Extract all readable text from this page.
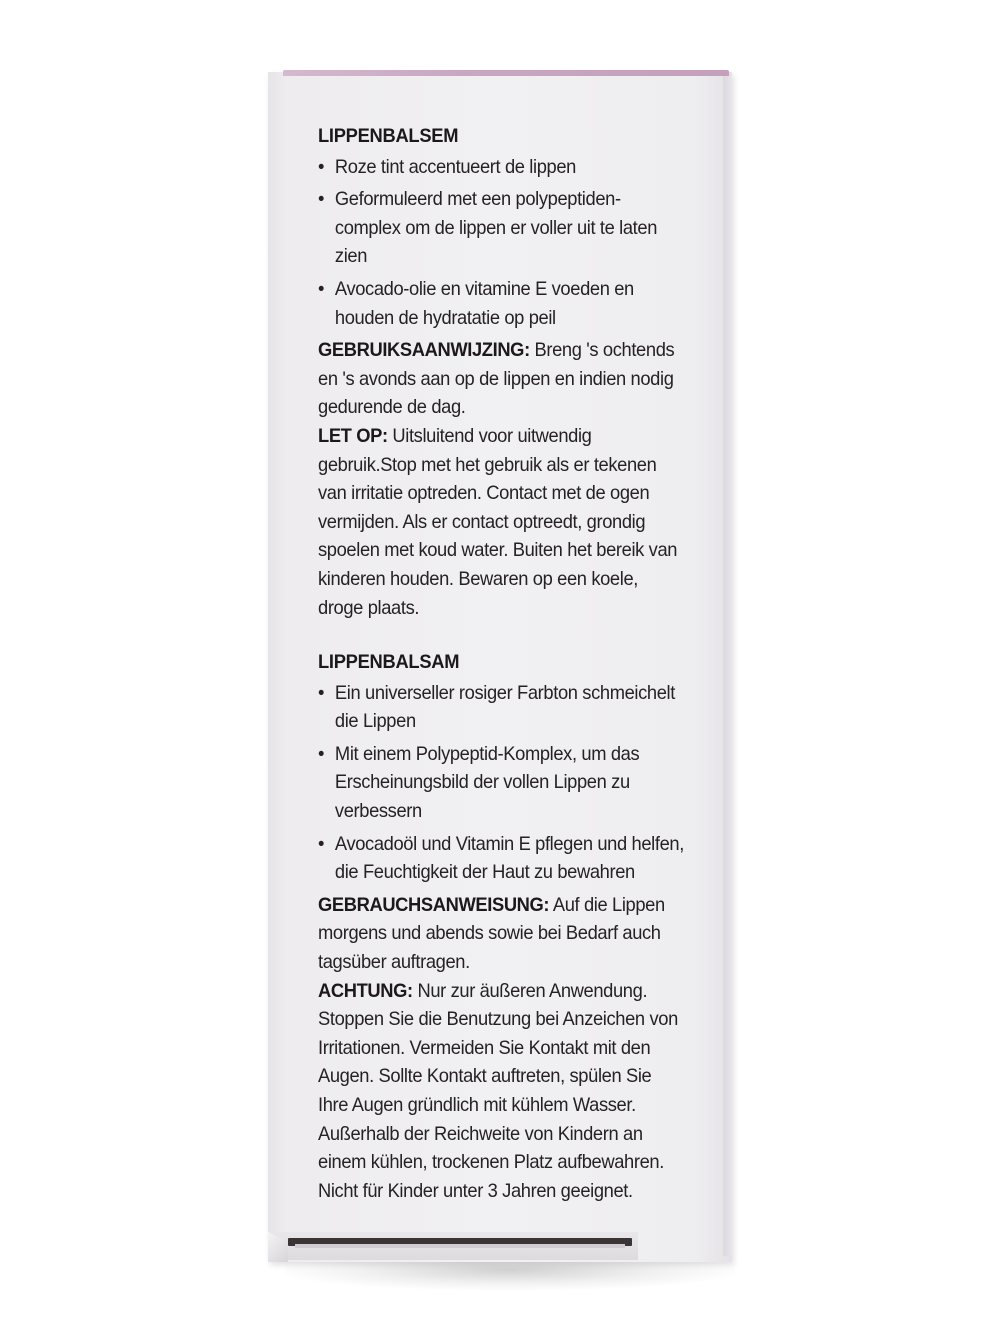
LIPPENBALSEM
• Roze tint accentueert de lippen
• Geformuleerd met een polypeptiden-complex om de lippen er voller uit te laten zien
• Avocado-olie en vitamine E voeden en houden de hydratatie op peil
GEBRUIKSAANWIJZING: Breng 's ochtends en 's avonds aan op de lippen en indien nodig gedurende de dag.
LET OP: Uitsluitend voor uitwendig gebruik.Stop met het gebruik als er tekenen van irritatie optreden. Contact met de ogen vermijden. Als er contact optreedt, grondig spoelen met koud water. Buiten het bereik van kinderen houden. Bewaren op een koele, droge plaats.
LIPPENBALSAM
• Ein universeller rosiger Farbton schmeichelt die Lippen
• Mit einem Polypeptid-Komplex, um das Erscheinungsbild der vollen Lippen zu verbessern
• Avocadoöl und Vitamin E pflegen und helfen, die Feuchtigkeit der Haut zu bewahren
GEBRAUCHSANWEISUNG: Auf die Lippen morgens und abends sowie bei Bedarf auch tagsüber auftragen.
ACHTUNG: Nur zur äußeren Anwendung. Stoppen Sie die Benutzung bei Anzeichen von Irritationen. Vermeiden Sie Kontakt mit den Augen. Sollte Kontakt auftreten, spülen Sie Ihre Augen gründlich mit kühlem Wasser. Außerhalb der Reichweite von Kindern an einem kühlen, trockenen Platz aufbewahren. Nicht für Kinder unter 3 Jahren geeignet.
